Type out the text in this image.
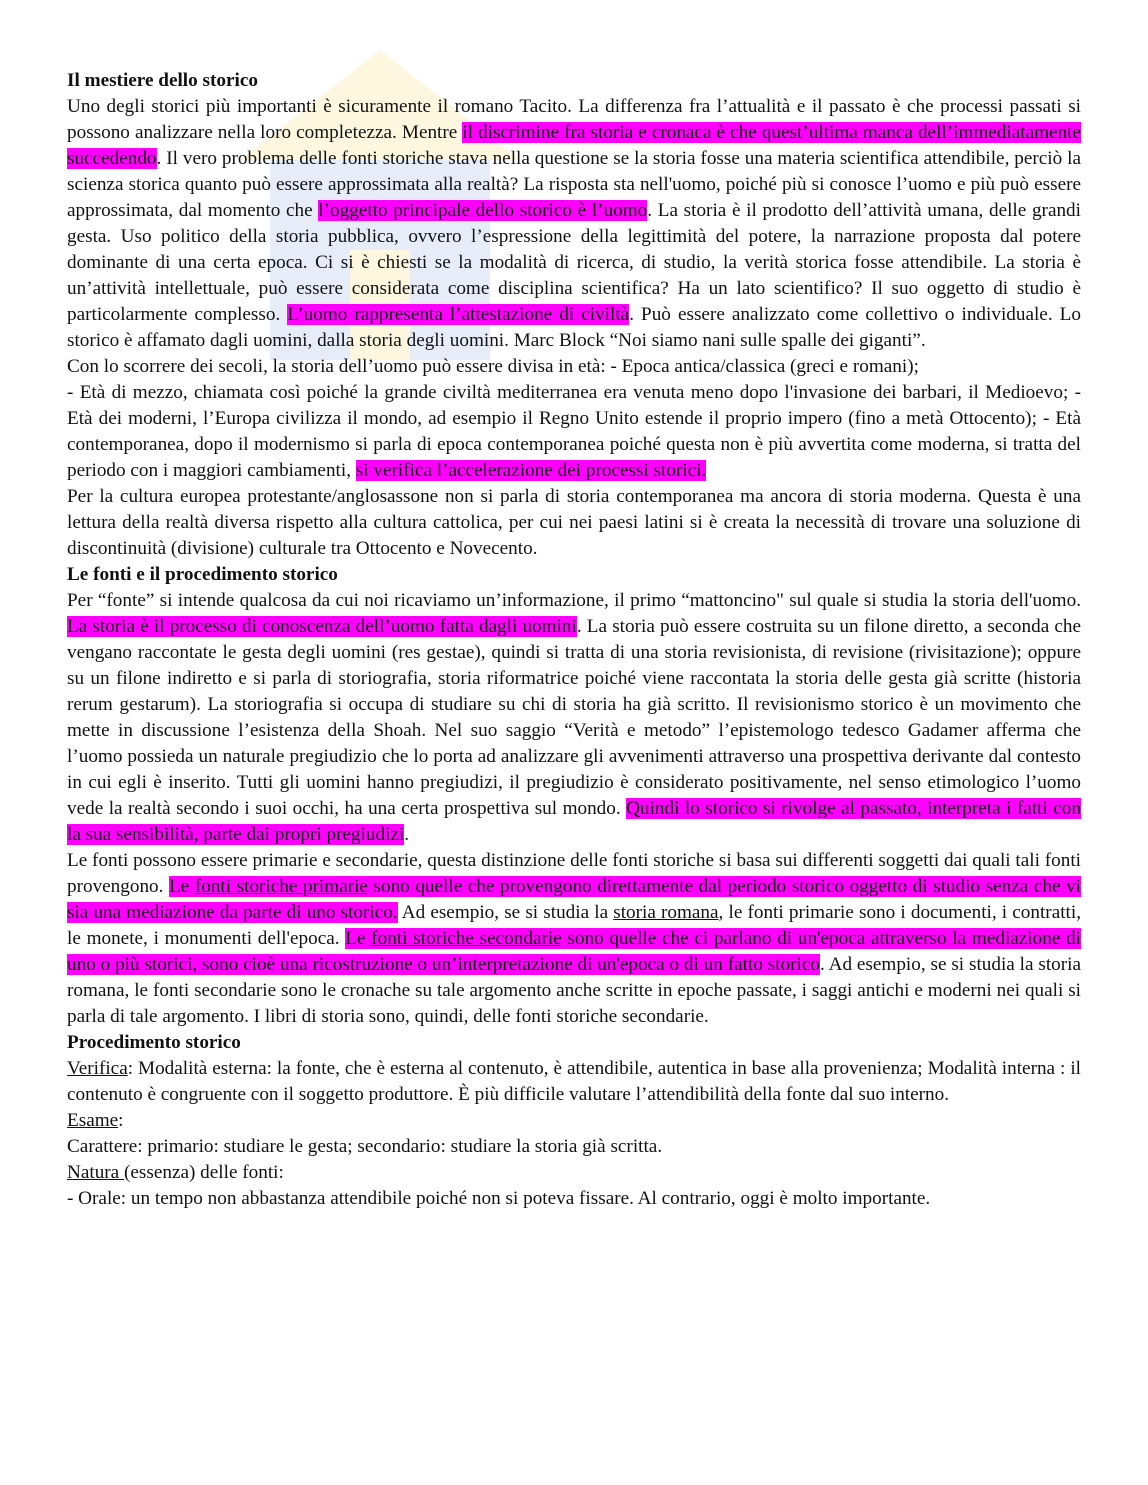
Il mestiere dello storico

Uno degli storici più importanti è sicuramente il romano Tacito. La differenza fra l’attualità e il passato è che processi passati si possono analizzare nella loro completezza. Mentre il discrimine fra storia e cronaca è che quest’ultima manca dell’immediatamente succedendo. Il vero problema delle fonti storiche stava nella questione se la storia fosse una materia scientifica attendibile, perciò la scienza storica quanto può essere approssimata alla realtà? La risposta sta nell'uomo, poiché più si conosce l’uomo e più può essere approssimata, dal momento che l’oggetto principale dello storico è l’uomo. La storia è il prodotto dell’attività umana, delle grandi gesta. Uso politico della storia pubblica, ovvero l’espressione della legittimità del potere, la narrazione proposta dal potere dominante di una certa epoca. Ci si è chiesti se la modalità di ricerca, di studio, la verità storica fosse attendibile. La storia è un’attività intellettuale, può essere considerata come disciplina scientifica? Ha un lato scientifico? Il suo oggetto di studio è particolarmente complesso. L’uomo rappresenta l’attestazione di civiltà. Può essere analizzato come collettivo o individuale. Lo storico è affamato dagli uomini, dalla storia degli uomini. Marc Block “Noi siamo nani sulle spalle dei giganti”.

Con lo scorrere dei secoli, la storia dell’uomo può essere divisa in età: - Epoca antica/classica (greci e romani);

- Età di mezzo, chiamata così poiché la grande civiltà mediterranea era venuta meno dopo l'invasione dei barbari, il Medioevo; - Età dei moderni, l’Europa civilizza il mondo, ad esempio il Regno Unito estende il proprio impero (fino a metà Ottocento); - Età contemporanea, dopo il modernismo si parla di epoca contemporanea poiché questa non è più avvertita come moderna, si tratta del periodo con i maggiori cambiamenti, si verifica l’accelerazione dei processi storici.

Per la cultura europea protestante/anglosassone non si parla di storia contemporanea ma ancora di storia moderna. Questa è una lettura della realtà diversa rispetto alla cultura cattolica, per cui nei paesi latini si è creata la necessità di trovare una soluzione di discontinuità (divisione) culturale tra Ottocento e Novecento.

Le fonti e il procedimento storico

Per “fonte” si intende qualcosa da cui noi ricaviamo un’informazione, il primo “mattoncino" sul quale si studia la storia dell'uomo. La storia è il processo di conoscenza dell’uomo fatta dagli uomini. La storia può essere costruita su un filone diretto, a seconda che vengano raccontate le gesta degli uomini (res gestae), quindi si tratta di una storia revisionista, di revisione (rivisitazione); oppure su un filone indiretto e si parla di storiografia, storia riformatrice poiché viene raccontata la storia delle gesta già scritte (historia rerum gestarum). La storiografia si occupa di studiare su chi di storia ha già scritto. Il revisionismo storico è un movimento che mette in discussione l’esistenza della Shoah. Nel suo saggio “Verità e metodo” l’epistemologo tedesco Gadamer afferma che l’uomo possieda un naturale pregiudizio che lo porta ad analizzare gli avvenimenti attraverso una prospettiva derivante dal contesto in cui egli è inserito. Tutti gli uomini hanno pregiudizi, il pregiudizio è considerato positivamente, nel senso etimologico l’uomo vede la realtà secondo i suoi occhi, ha una certa prospettiva sul mondo. Quindi lo storico si rivolge al passato, interpreta i fatti con la sua sensibilità, parte dai propri pregiudizi.

Le fonti possono essere primarie e secondarie, questa distinzione delle fonti storiche si basa sui differenti soggetti dai quali tali fonti provengono. Le fonti storiche primarie sono quelle che provengono direttamente dal periodo storico oggetto di studio senza che vi sia una mediazione da parte di uno storico. Ad esempio, se si studia la storia romana, le fonti primarie sono i documenti, i contratti, le monete, i monumenti dell'epoca. Le fonti storiche secondarie sono quelle che ci parlano di un'epoca attraverso la mediazione di uno o più storici, sono cioè una ricostruzione o un’interpretazione di un'epoca o di un fatto storico. Ad esempio, se si studia la storia romana, le fonti secondarie sono le cronache su tale argomento anche scritte in epoche passate, i saggi antichi e moderni nei quali si parla di tale argomento. I libri di storia sono, quindi, delle fonti storiche secondarie.

Procedimento storico

Verifica: Modalità esterna: la fonte, che è esterna al contenuto, è attendibile, autentica in base alla provenienza; Modalità interna : il contenuto è congruente con il soggetto produttore. È più difficile valutare l’attendibilità della fonte dal suo interno.

Esame:

Carattere: primario: studiare le gesta; secondario: studiare la storia già scritta.

Natura (essenza) delle fonti:

- Orale: un tempo non abbastanza attendibile poiché non si poteva fissare. Al contrario, oggi è molto importante.
